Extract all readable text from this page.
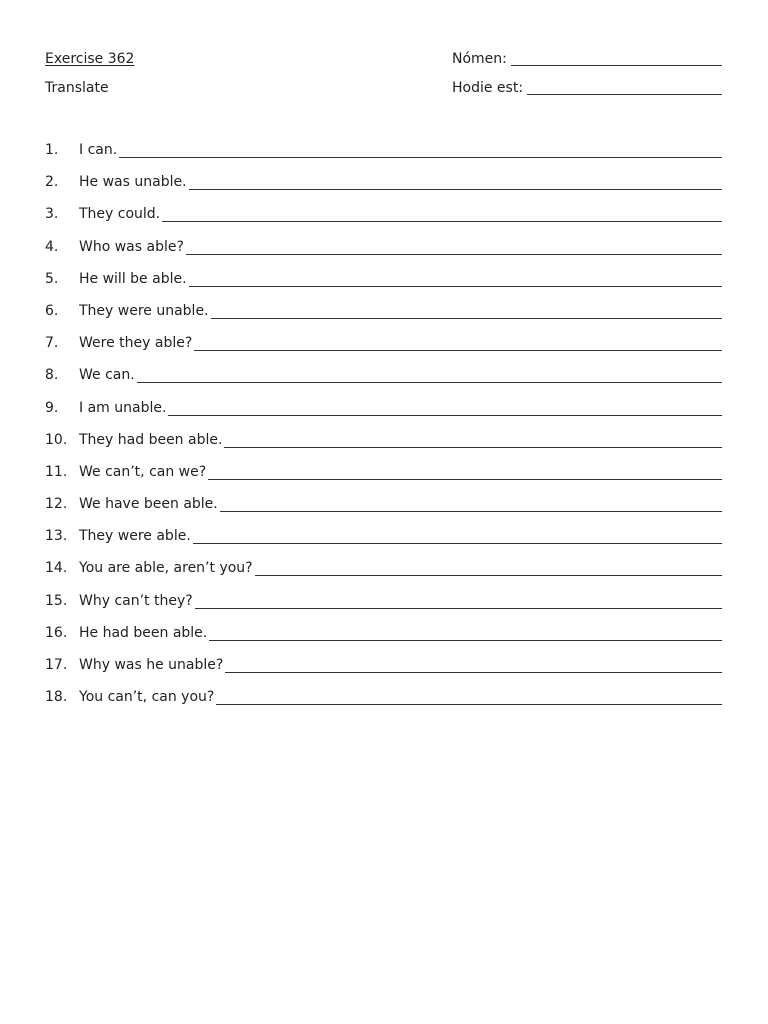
Exercise 362
Translate
Nómen:
Hodie est:
1.	I can.
2.	He was unable.
3.	They could.
4.	Who was able?
5.	He will be able.
6.	They were unable.
7.	Were they able?
8.	We can.
9.	I am unable.
10. They had been able.
11. We can’t, can we?
12. We have been able.
13. They were able.
14. You are able, aren’t you?
15. Why can’t they?
16. He had been able.
17. Why was he unable?
18. You can’t, can you?
